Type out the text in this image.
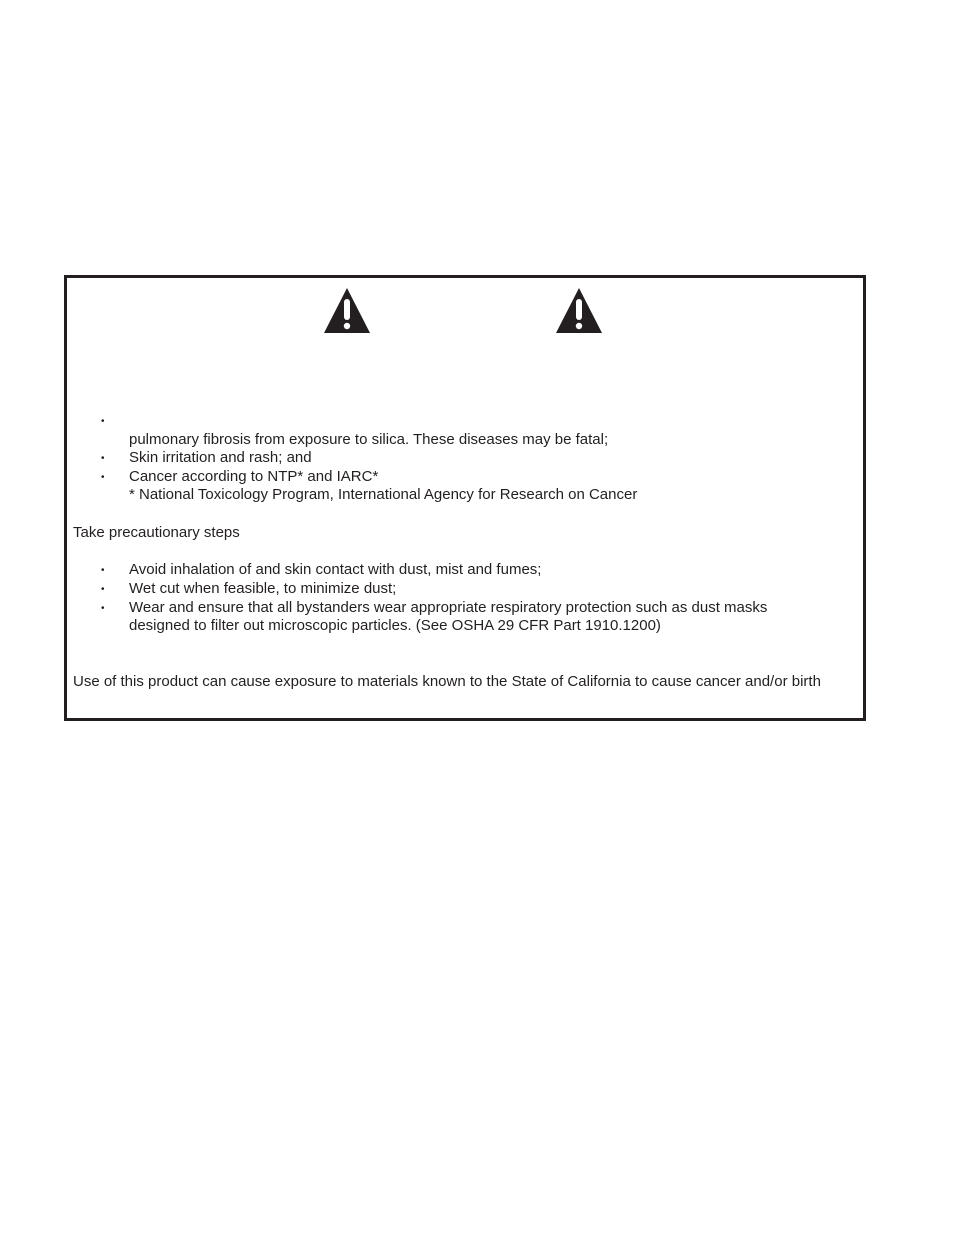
•
pulmonary fibrosis from exposure to silica. These diseases may be fatal;
• Skin irritation and rash; and
• Cancer according to NTP* and IARC*
* National Toxicology Program, International Agency for Research on Cancer
Take precautionary steps
• Avoid inhalation of and skin contact with dust, mist and fumes;
• Wet cut when feasible, to minimize dust;
• Wear and ensure that all bystanders wear appropriate respiratory protection such as dust masks
designed to filter out microscopic particles. (See OSHA 29 CFR Part 1910.1200)
Use of this product can cause exposure to materials known to the State of California to cause cancer and/or birth
